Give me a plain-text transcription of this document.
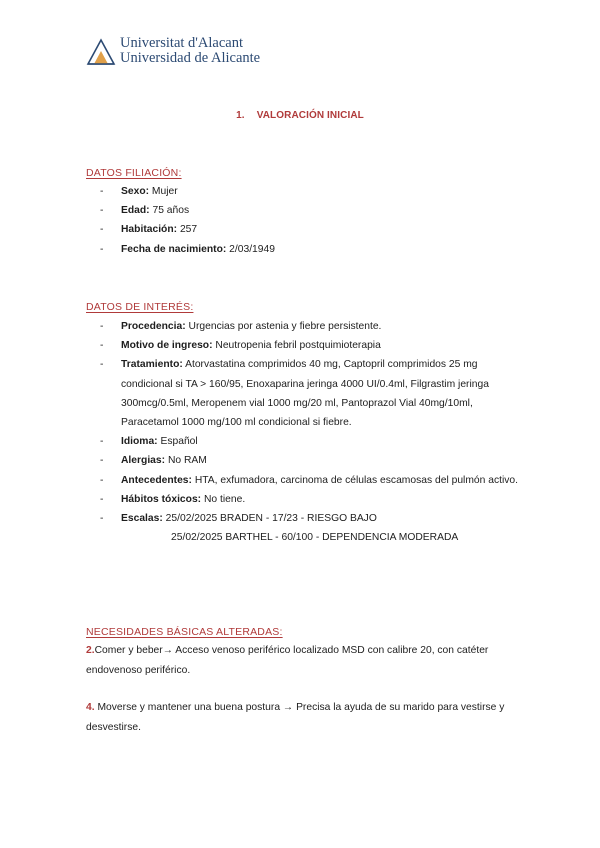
Universitat d'Alacant
Universidad de Alicante
1. VALORACIÓN INICIAL
DATOS FILIACIÓN:
- Sexo: Mujer
- Edad: 75 años
- Habitación: 257
- Fecha de nacimiento: 2/03/1949
DATOS DE INTERÉS:
- Procedencia: Urgencias por astenia y fiebre persistente.
- Motivo de ingreso: Neutropenia febril postquimioterapia
- Tratamiento: Atorvastatina comprimidos 40 mg, Captopril comprimidos 25 mg condicional si TA > 160/95, Enoxaparina jeringa 4000 UI/0.4ml, Filgrastim jeringa 300mcg/0.5ml, Meropenem vial 1000 mg/20 ml, Pantoprazol Vial 40mg/10ml, Paracetamol 1000 mg/100 ml condicional si fiebre.
- Idioma: Español
- Alergias: No RAM
- Antecedentes: HTA, exfumadora, carcinoma de células escamosas del pulmón activo.
- Hábitos tóxicos: No tiene.
- Escalas: 25/02/2025 BRADEN - 17/23 - RIESGO BAJO
25/02/2025 BARTHEL - 60/100 - DEPENDENCIA MODERADA
NECESIDADES BÁSICAS ALTERADAS:
2.Comer y beber→ Acceso venoso periférico localizado MSD con calibre 20, con catéter endovenoso periférico.
4. Moverse y mantener una buena postura → Precisa la ayuda de su marido para vestirse y desvestirse.
